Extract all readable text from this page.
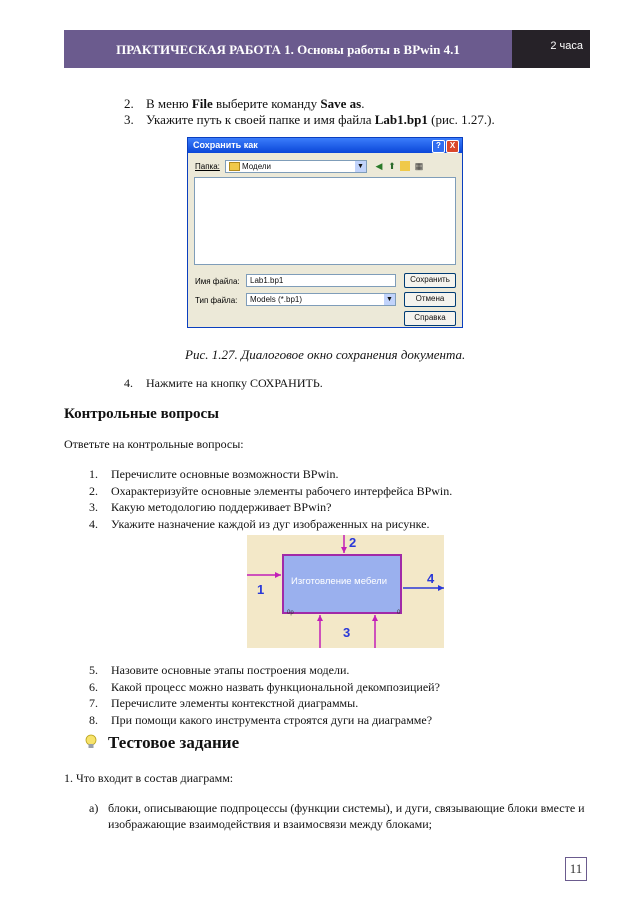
ПРАКТИЧЕСКАЯ РАБОТА 1. Основы работы в BPwin 4.1	2 часа
2. В меню File выберите команду Save as.
3. Укажите путь к своей папке и имя файла Lab1.bp1 (рис. 1.27.).
Сохранить как	?	X
Папка:	Модели	▼ ◀ ⬆ ▦
Имя файла:	Lab1.bp1
Тип файла:	Models (*.bp1)	▼
Сохранить
Отмена
Справка
Рис. 1.27. Диалоговое окно сохранения документа.
4. Нажмите на кнопку СОХРАНИТЬ.
Контрольные вопросы
Ответьте на контрольные вопросы:
1. Перечислите основные возможности BPwin.
2. Охарактеризуйте основные элементы рабочего интерфейса BPwin.
3. Какую методологию поддерживает BPwin?
4. Укажите назначение каждой из дуг изображенных на рисунке.
Изготовление мебели
0р	0
1
2
3
4
5. Назовите основные этапы построения модели.
6. Какой процесс можно назвать функциональной декомпозицией?
7. Перечислите элементы контекстной диаграммы.
8. При помощи какого инструмента строятся дуги на диаграмме?
Тестовое задание
1. Что входит в состав диаграмм:
а) блоки, описывающие подпроцессы (функции системы), и дуги, связывающие блоки вместе и
изображающие взаимодействия и взаимосвязи между блоками;
11
